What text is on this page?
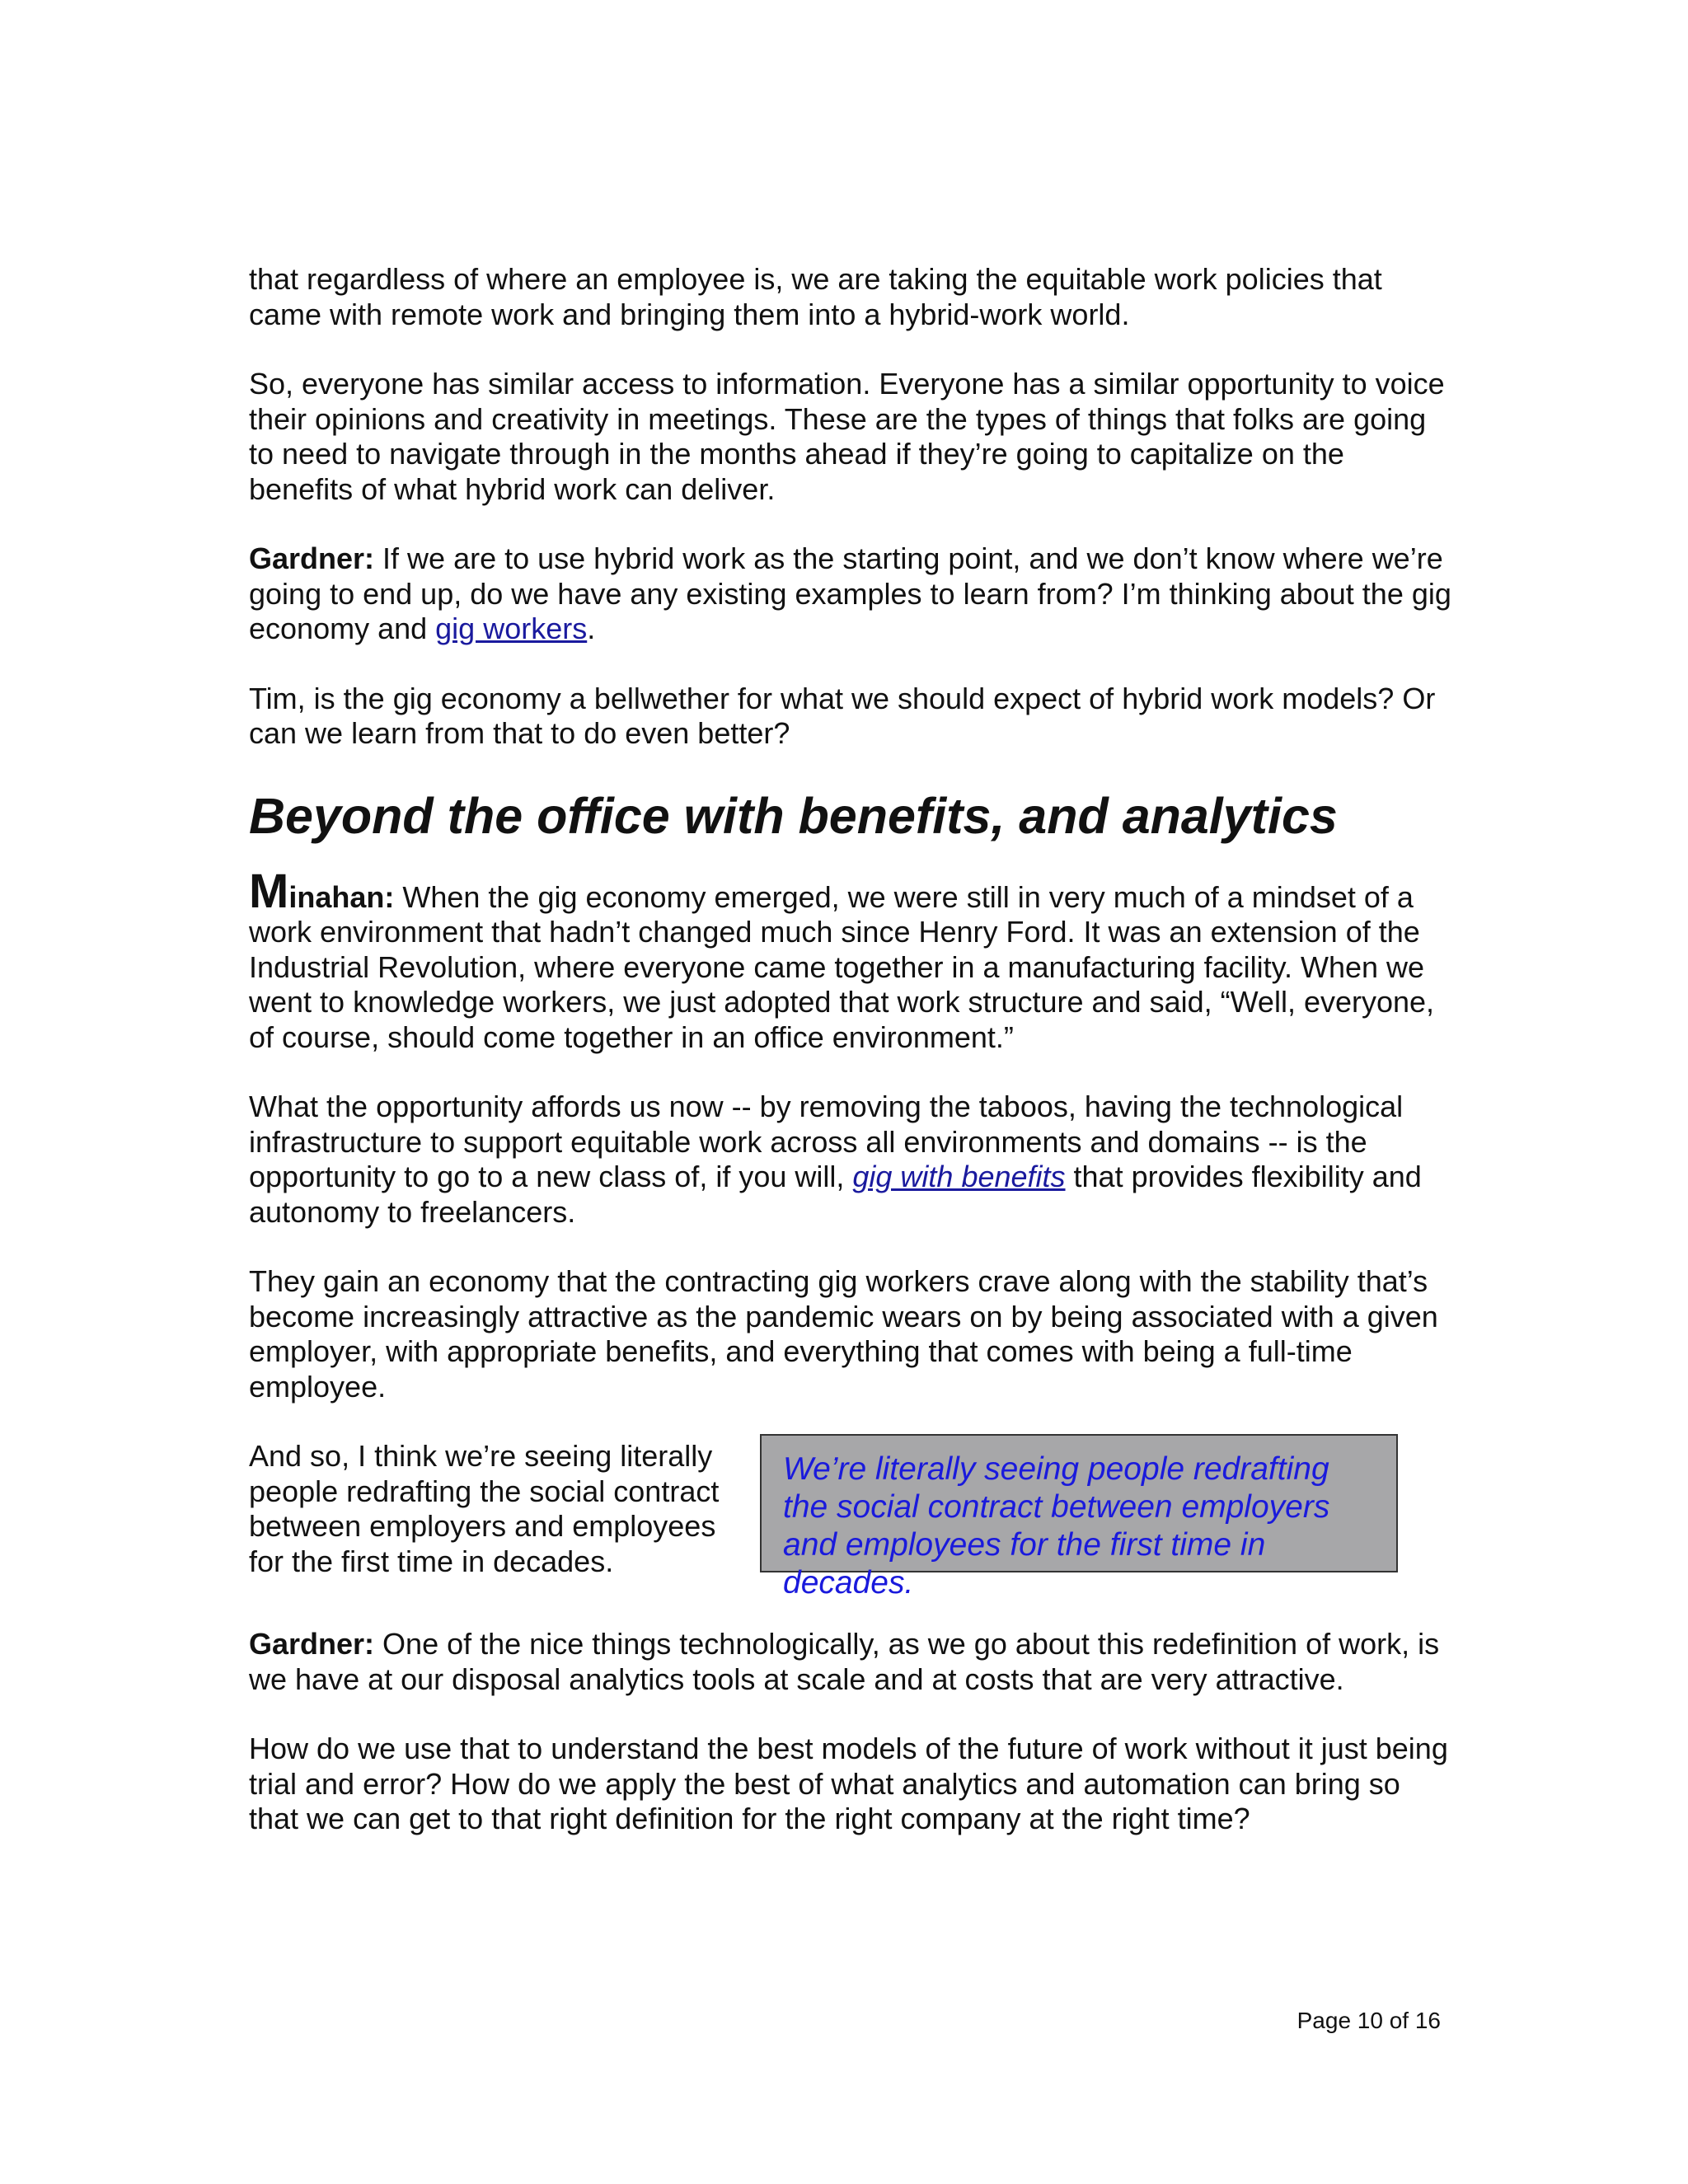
that regardless of where an employee is, we are taking the equitable work policies that came with remote work and bringing them into a hybrid-work world.

So, everyone has similar access to information. Everyone has a similar opportunity to voice their opinions and creativity in meetings. These are the types of things that folks are going to need to navigate through in the months ahead if they’re going to capitalize on the benefits of what hybrid work can deliver.

Gardner: If we are to use hybrid work as the starting point, and we don’t know where we’re going to end up, do we have any existing examples to learn from? I’m thinking about the gig economy and gig workers.

Tim, is the gig economy a bellwether for what we should expect of hybrid work models? Or can we learn from that to do even better?

Beyond the office with benefits, and analytics

Minahan: When the gig economy emerged, we were still in very much of a mindset of a work environment that hadn’t changed much since Henry Ford. It was an extension of the Industrial Revolution, where everyone came together in a manufacturing facility. When we went to knowledge workers, we just adopted that work structure and said, “Well, everyone, of course, should come together in an office environment.”

What the opportunity affords us now -- by removing the taboos, having the technological infrastructure to support equitable work across all environments and domains -- is the opportunity to go to a new class of, if you will, gig with benefits that provides flexibility and autonomy to freelancers.

They gain an economy that the contracting gig workers crave along with the stability that’s become increasingly attractive as the pandemic wears on by being associated with a given employer, with appropriate benefits, and everything that comes with being a full-time employee.

And so, I think we’re seeing literally people redrafting the social contract between employers and employees for the first time in decades.

We’re literally seeing people redrafting the social contract between employers and employees for the first time in decades.

Gardner: One of the nice things technologically, as we go about this redefinition of work, is we have at our disposal analytics tools at scale and at costs that are very attractive.

How do we use that to understand the best models of the future of work without it just being trial and error? How do we apply the best of what analytics and automation can bring so that we can get to that right definition for the right company at the right time?

Page 10 of 16
